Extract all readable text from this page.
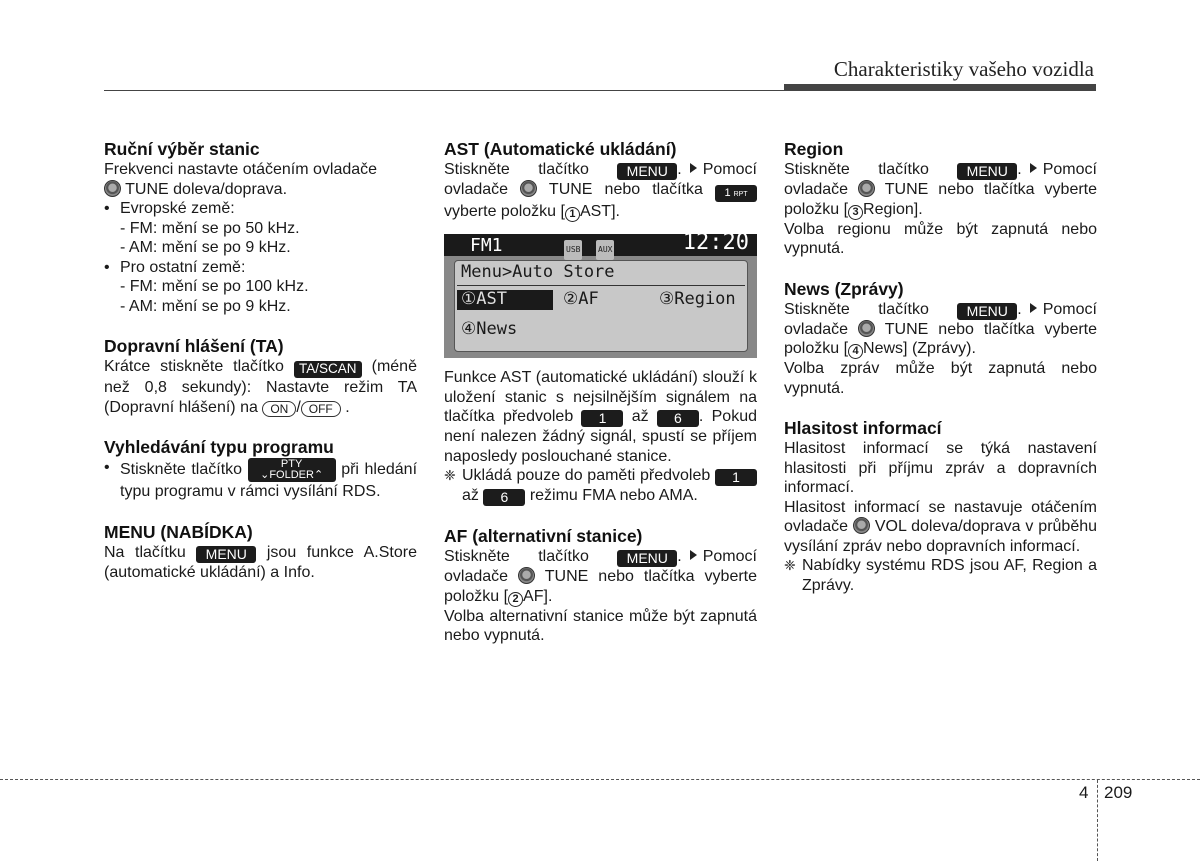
Charakteristiky vašeho vozidla
Ruční výběr stanic

Frekvenci nastavte otáčením ovladače
TUNE doleva/doprava.

• Evropské země:
- FM: mění se po 50 kHz.
- AM: mění se po 9 kHz.
• Pro ostatní země:
- FM: mění se po 100 kHz.
- AM: mění se po 9 kHz.
Dopravní hlášení (TA)

Krátce stiskněte tlačítko TA/SCAN (méně než 0,8 sekundy): Nastavte režim TA (Dopravní hlášení) na ON / OFF .

Vyhledávání typu programu
• Stiskněte tlačítko	PTY
⌄FOLDER⌃ při hledání typu programu v rámci vysílání RDS.
MENU (NABÍDKA)

Na tlačítku MENU jsou funkce A.Store (automatické ukládání) a Info.

AST (Automatické ukládání)

Stiskněte tlačítko	MENU . Pomocí ovladače	TUNE nebo tlačítka 1 RPT vyberte položku [ 1 AST].

FM1	USB AUX	12:20
Menu>Auto Store
①AST	②AF	③Region
④News

Funkce AST (automatické ukládání) slouží k uložení stanic s nejsilnějším signálem na tlačítka předvoleb 1 až 6 . Pokud není nalezen žádný signál, spustí se příjem naposledy poslouchané stanice.

❈ Ukládá pouze do paměti předvoleb 1 až 6 režimu FMA nebo AMA.
AF (alternativní stanice)

Stiskněte tlačítko	MENU . Pomocí ovladače TUNE nebo tlačítka vyberte položku [ 2 AF].

Volba alternativní stanice může být zapnutá nebo vypnutá.

Region

Stiskněte tlačítko	MENU . Pomocí ovladače TUNE nebo tlačítka vyberte položku [ 3 Region].

Volba regionu může být zapnutá nebo vypnutá.

News (Zprávy)

Stiskněte tlačítko	MENU . Pomocí ovladače TUNE nebo tlačítka vyberte položku [ 4 News] (Zprávy).

Volba zpráv může být zapnutá nebo vypnutá.

Hlasitost informací

Hlasitost informací se týká nastavení hlasitosti při příjmu zpráv a dopravních informací.

Hlasitost informací se nastavuje otáčením ovladače VOL doleva/doprava v průběhu vysílání zpráv nebo dopravních informací.

❈ Nabídky systému RDS jsou AF, Region a Zprávy.
4 209
